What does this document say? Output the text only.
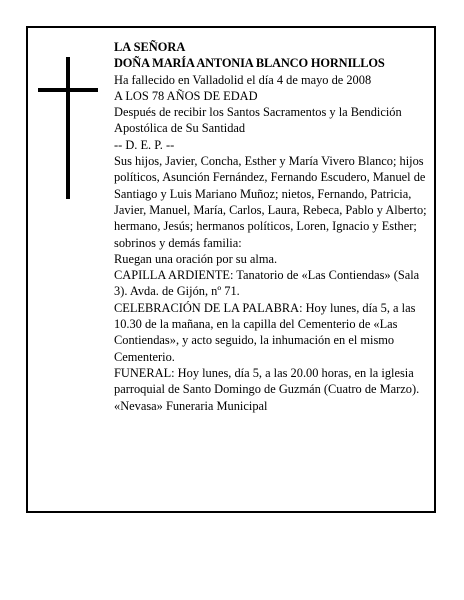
LA SEÑORA

DOÑA MARÍA ANTONIA BLANCO HORNILLOS

Ha fallecido en Valladolid el día 4 de mayo de 2008

A LOS 78 AÑOS DE EDAD

Después de recibir los Santos Sacramentos y la Bendición Apostólica de Su Santidad

-- D. E. P. --

Sus hijos, Javier, Concha, Esther y María Vivero Blanco; hijos políticos, Asunción Fernández, Fernando Escudero, Manuel de Santiago y Luis Mariano Muñoz; nietos, Fernando, Patricia, Javier, Manuel, María, Carlos, Laura, Rebeca, Pablo y Alberto; hermano, Jesús; hermanos políticos, Loren, Ignacio y Esther; sobrinos y demás familia:

Ruegan una oración por su alma.

CAPILLA ARDIENTE: Tanatorio de «Las Contiendas» (Sala 3). Avda. de Gijón, nº 71.

CELEBRACIÓN DE LA PALABRA: Hoy lunes, día 5, a las 10.30 de la mañana, en la capilla del Cementerio de «Las Contiendas», y acto seguido, la inhumación en el mismo Cementerio.

FUNERAL: Hoy lunes, día 5, a las 20.00 horas, en la iglesia parroquial de Santo Domingo de Guzmán (Cuatro de Marzo).

«Nevasa» Funeraria Municipal
